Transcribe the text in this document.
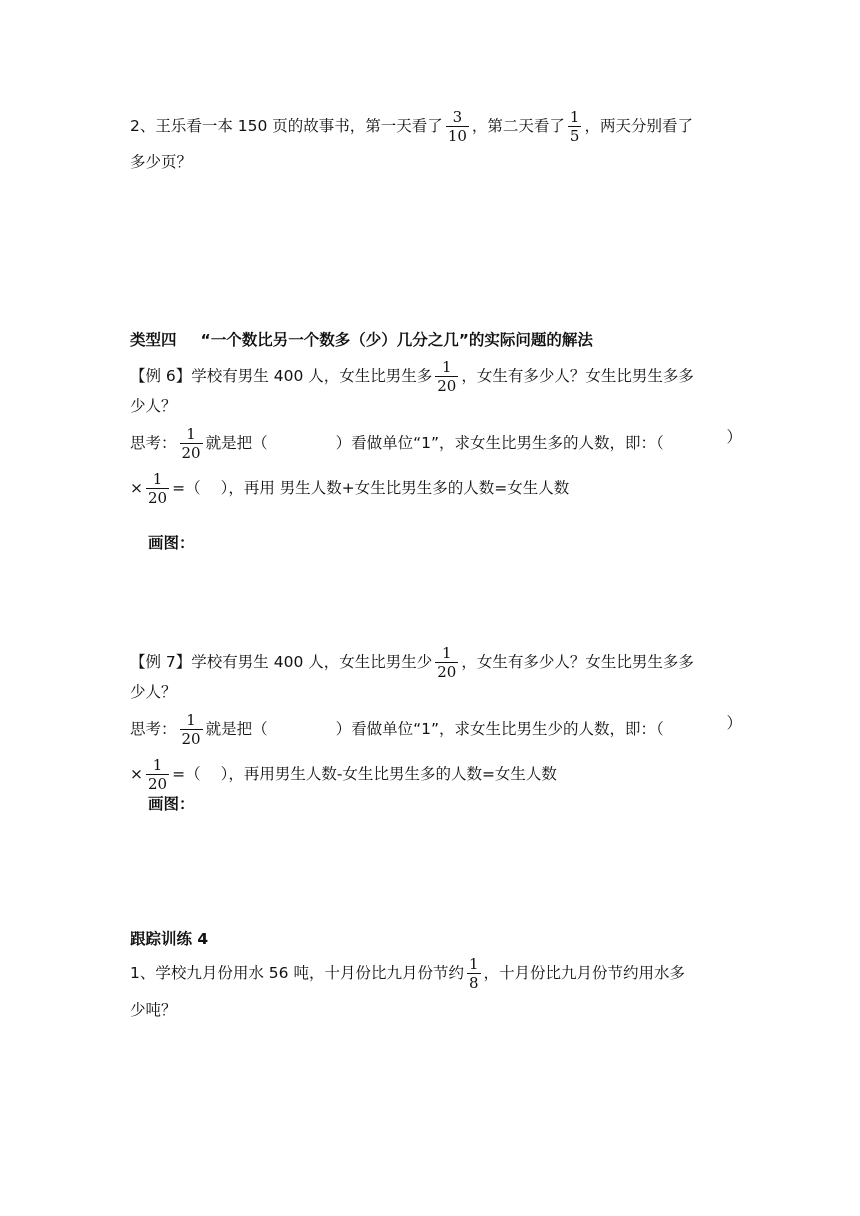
2、王乐看一本 150 页的故事书，第一天看了 $\frac{3}{10}$ ，第二天看了 $\frac{1}{5}$ ，两天分别看了
多少页？
类型四 “一个数比另一个数多（少）几分之几”的实际问题的解法
【例 6】学校有男生 400 人，女生比男生多 $\frac{1}{20}$ ，女生有多少人？女生比男生多多
少人？
思考： $\frac{1}{20}$ 就是把（	）看做单位“1”，求女生比男生多的人数，即：（	）
× $\frac{1}{20}$ =（ ），再用 男生人数+女生比男生多的人数=女生人数
画图：
【例 7】学校有男生 400 人，女生比男生少 $\frac{1}{20}$ ，女生有多少人？女生比男生多多
少人？
思考： $\frac{1}{20}$ 就是把（	）看做单位“1”，求女生比男生少的人数，即：（	）
× $\frac{1}{20}$ =（ ），再用男生人数-女生比男生多的人数=女生人数
画图：
跟踪训练 4
1、学校九月份用水 56 吨，十月份比九月份节约 $\frac{1}{8}$ ，十月份比九月份节约用水多
少吨？
